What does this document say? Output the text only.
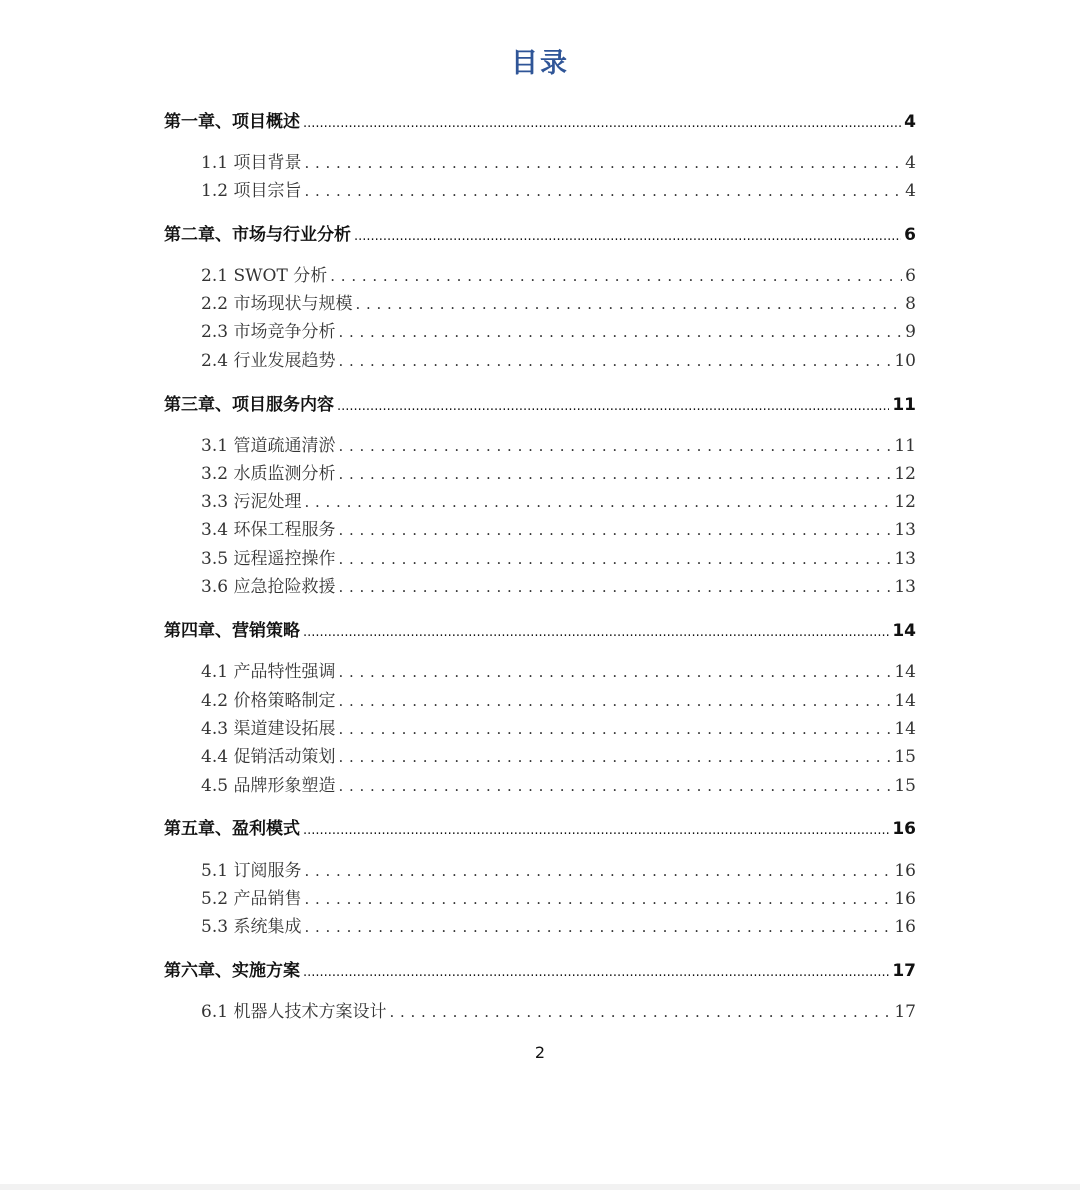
目录
第一章、项目概述 .....	4
1.1 项目背景 . . .	4
1.2 项目宗旨 . . .	4
第二章、市场与行业分析 .....	6
2.1 SWOT 分析 . . .	6
2.2 市场现状与规模 . . .	8
2.3 市场竞争分析 . . .	9
2.4 行业发展趋势 . . .	10
第三章、项目服务内容 .....	11
3.1 管道疏通清淤 . . .	11
3.2 水质监测分析 . . .	12
3.3 污泥处理 . . .	12
3.4 环保工程服务 . . .	13
3.5 远程遥控操作 . . .	13
3.6 应急抢险救援 . . .	13
第四章、营销策略 .....	14
4.1 产品特性强调 . . .	14
4.2 价格策略制定 . . .	14
4.3 渠道建设拓展 . . .	14
4.4 促销活动策划 . . .	15
4.5 品牌形象塑造 . . .	15
第五章、盈利模式 .....	16
5.1 订阅服务 . . .	16
5.2 产品销售 . . .	16
5.3 系统集成 . . .	16
第六章、实施方案 .....	17
6.1 机器人技术方案设计 . . .	17
2
